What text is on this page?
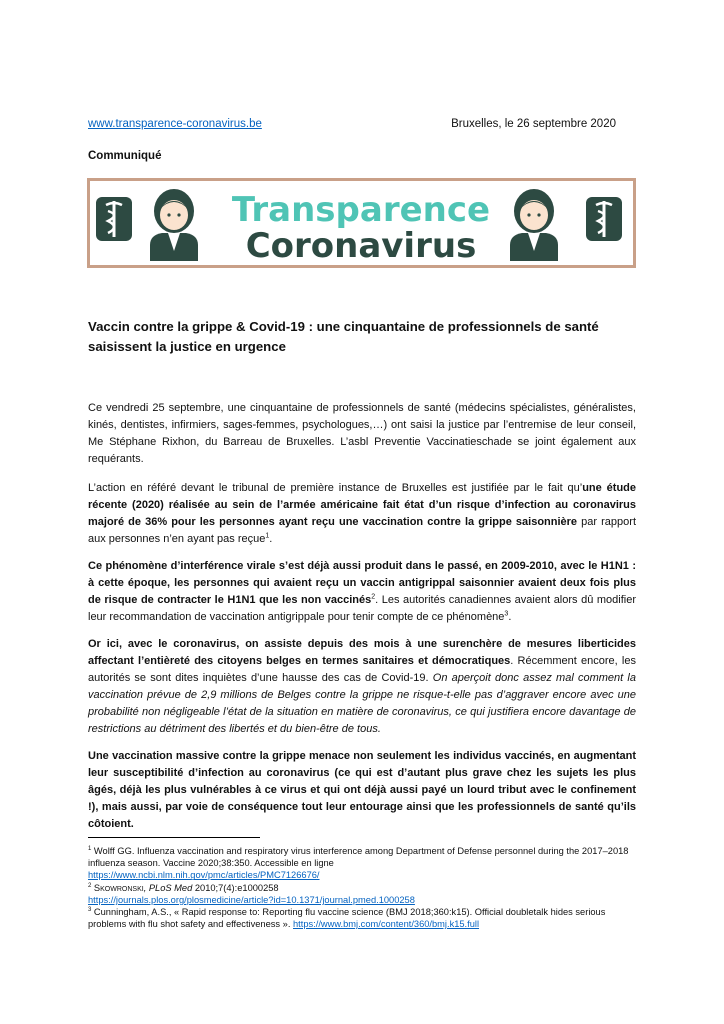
www.transparence-coronavirus.be	Bruxelles, le 26 septembre 2020
Communiqué
Transparence
Coronavirus
Vaccin contre la grippe & Covid-19 : une cinquantaine de professionnels de santé saisissent la justice en urgence

Ce vendredi 25 septembre, une cinquantaine de professionnels de santé (médecins spécialistes, généralistes, kinés, dentistes, infirmiers, sages-femmes, psychologues,…) ont saisi la justice par l’entremise de leur conseil, Me Stéphane Rixhon, du Barreau de Bruxelles. L’asbl Preventie Vaccinatieschade se joint également aux requérants.

L’action en référé devant le tribunal de première instance de Bruxelles est justifiée par le fait qu’une étude récente (2020) réalisée au sein de l’armée américaine fait état d’un risque d’infection au coronavirus majoré de 36% pour les personnes ayant reçu une vaccination contre la grippe saisonnière par rapport aux personnes n’en ayant pas reçue$^1$.

Ce phénomène d’interférence virale s’est déjà aussi produit dans le passé, en 2009-2010, avec le H1N1 : à cette époque, les personnes qui avaient reçu un vaccin antigrippal saisonnier avaient deux fois plus de risque de contracter le H1N1 que les non vaccinés$^2$. Les autorités canadiennes avaient alors dû modifier leur recommandation de vaccination antigrippale pour tenir compte de ce phénomène$^3$.

Or ici, avec le coronavirus, on assiste depuis des mois à une surenchère de mesures liberticides affectant l’entièreté des citoyens belges en termes sanitaires et démocratiques. Récemment encore, les autorités se sont dites inquiètes d’une hausse des cas de Covid-19. On aperçoit donc assez mal comment la vaccination prévue de 2,9 millions de Belges contre la grippe ne risque-t-elle pas d’aggraver encore avec une probabilité non négligeable l’état de la situation en matière de coronavirus, ce qui justifiera encore davantage de restrictions au détriment des libertés et du bien-être de tous.

Une vaccination massive contre la grippe menace non seulement les individus vaccinés, en augmentant leur susceptibilité d’infection au coronavirus (ce qui est d’autant plus grave chez les sujets les plus âgés, déjà les plus vulnérables à ce virus et qui ont déjà aussi payé un lourd tribut avec le confinement !), mais aussi, par voie de conséquence tout leur entourage ainsi que les professionnels de santé qu’ils côtoient.

$^1$ Wolff GG. Influenza vaccination and respiratory virus interference among Department of Defense personnel during the 2017–2018 influenza season. Vaccine 2020;38:350. Accessible en ligne
https://www.ncbi.nlm.nih.gov/pmc/articles/PMC7126676/

$^2$ Skowronski, PLoS Med 2010;7(4):e1000258
https://journals.plos.org/plosmedicine/article?id=10.1371/journal.pmed.1000258

$^3$ Cunningham, A.S., « Rapid response to: Reporting flu vaccine science (BMJ 2018;360:k15). Official doubletalk hides serious problems with flu shot safety and effectiveness ». https://www.bmj.com/content/360/bmj.k15.full
